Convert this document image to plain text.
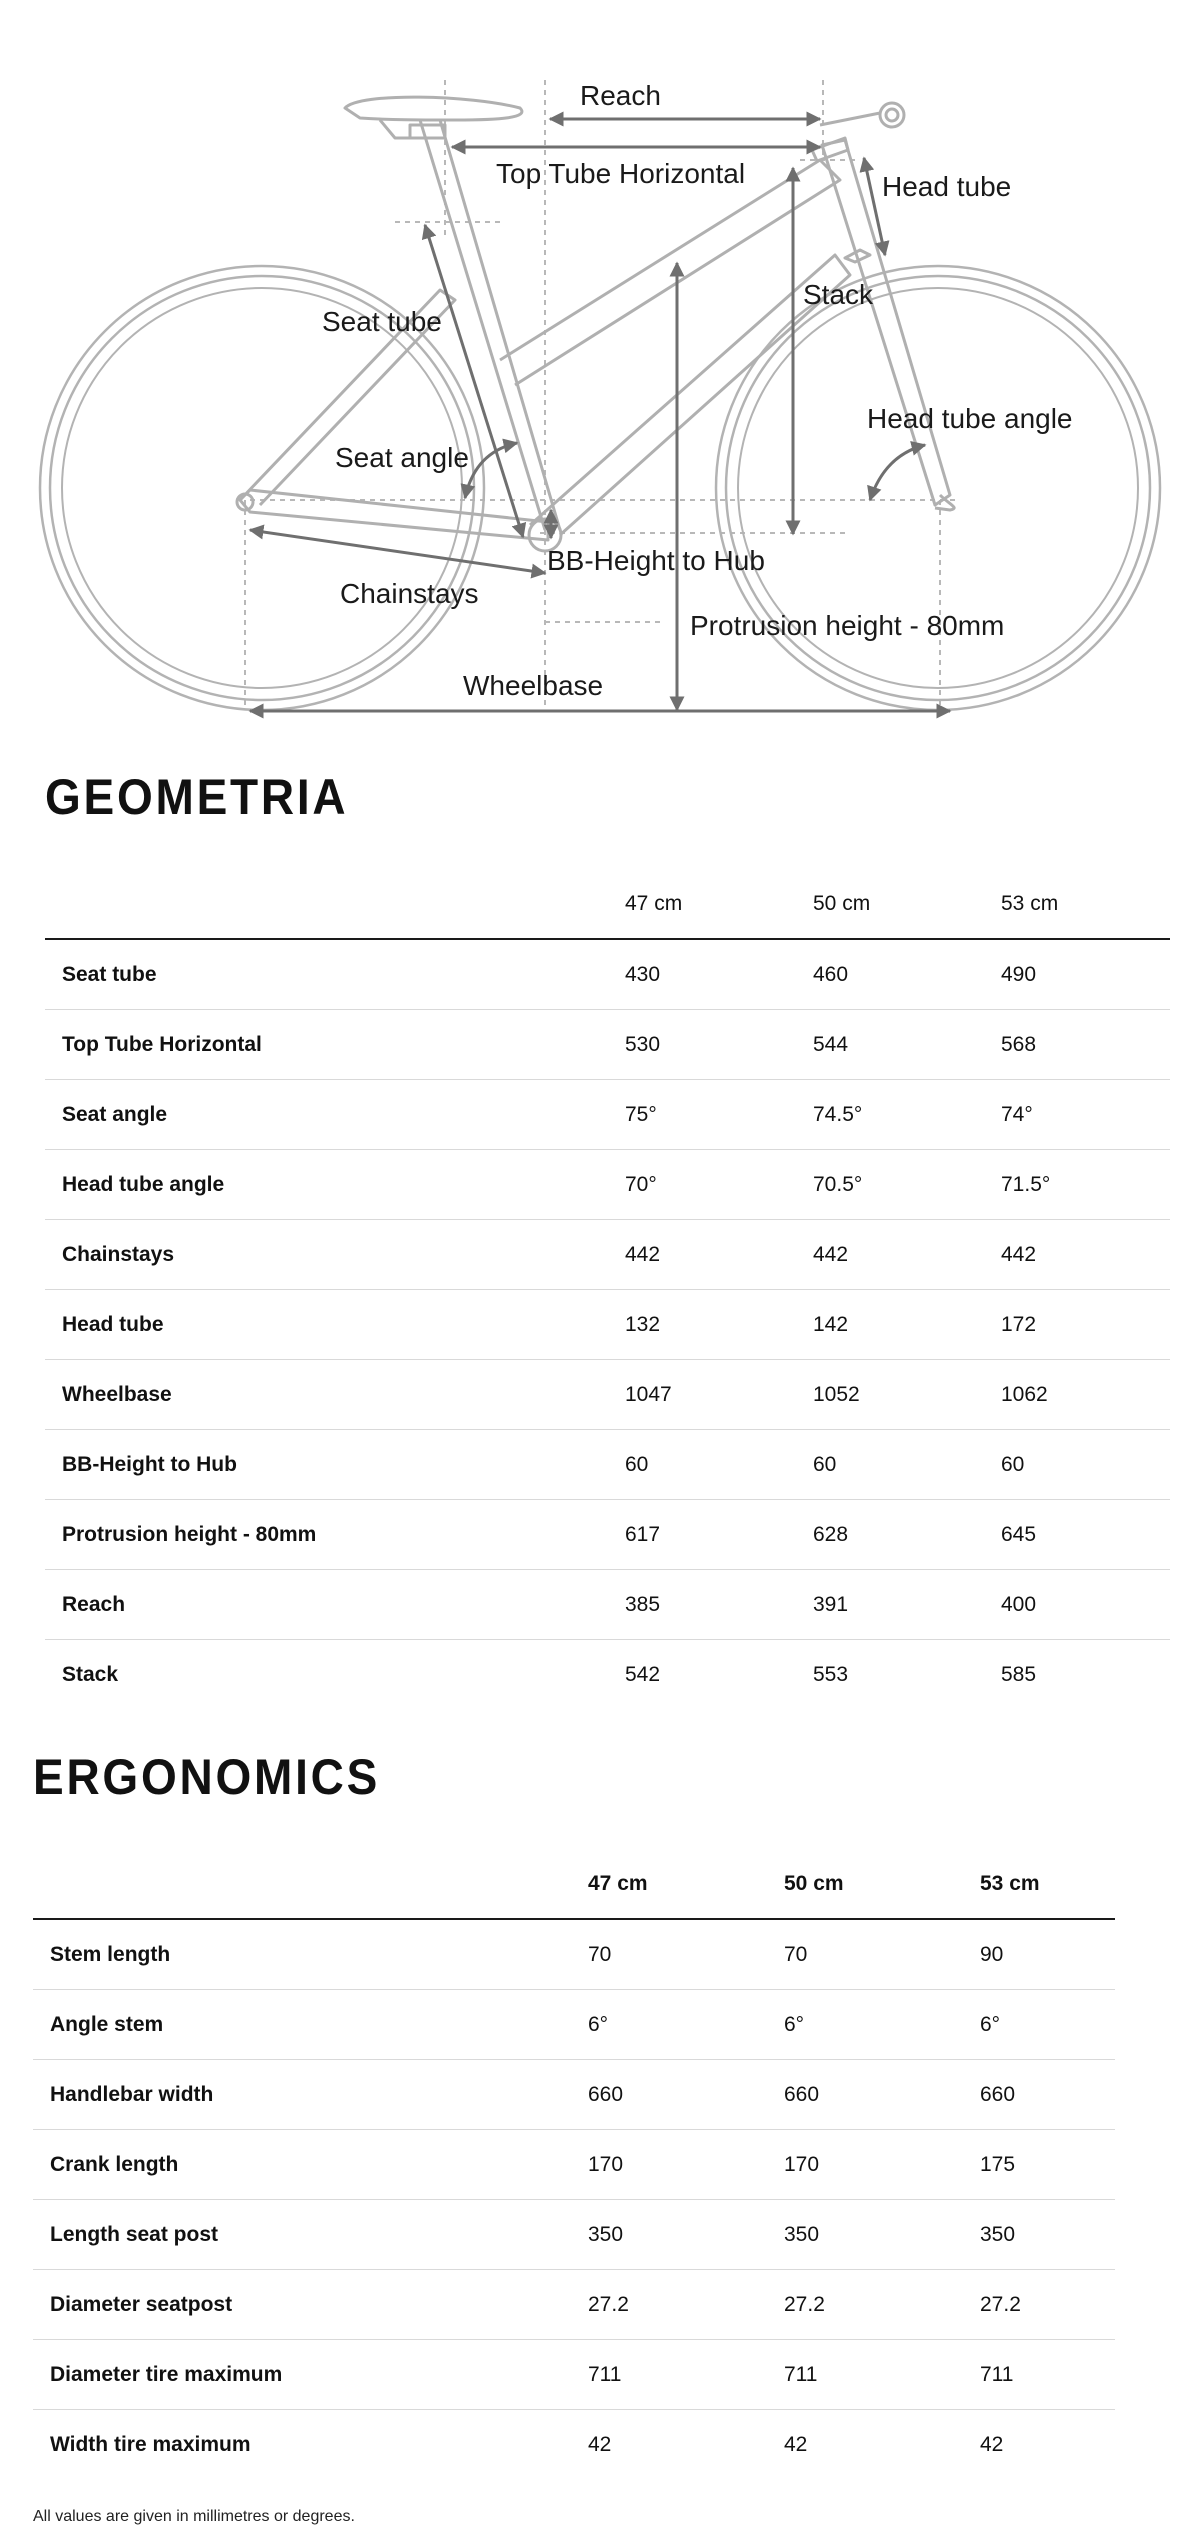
Reach
Top Tube Horizontal	Head tube
Seat tube
Stack
Head tube angle
Seat angle
Chainstays
BB-Height to Hub
Protrusion height - 80mm
Wheelbase
GEOMETRIA
	47 cm	50 cm	53 cm
Seat tube	430	460	490
Top Tube Horizontal	530	544	568
Seat angle	75°	74.5°	74°
Head tube angle	70°	70.5°	71.5°
Chainstays	442	442	442
Head tube	132	142	172
Wheelbase	1047	1052	1062
BB-Height to Hub	60	60	60
Protrusion height - 80mm	617	628	645
Reach	385	391	400
Stack	542	553	585
ERGONOMICS
	47 cm	50 cm	53 cm
Stem length	70	70	90
Angle stem	6°	6°	6°
Handlebar width	660	660	660
Crank length	170	170	175
Length seat post	350	350	350
Diameter seatpost	27.2	27.2	27.2
Diameter tire maximum	711	711	711
Width tire maximum	42	42	42
All values are given in millimetres or degrees.
